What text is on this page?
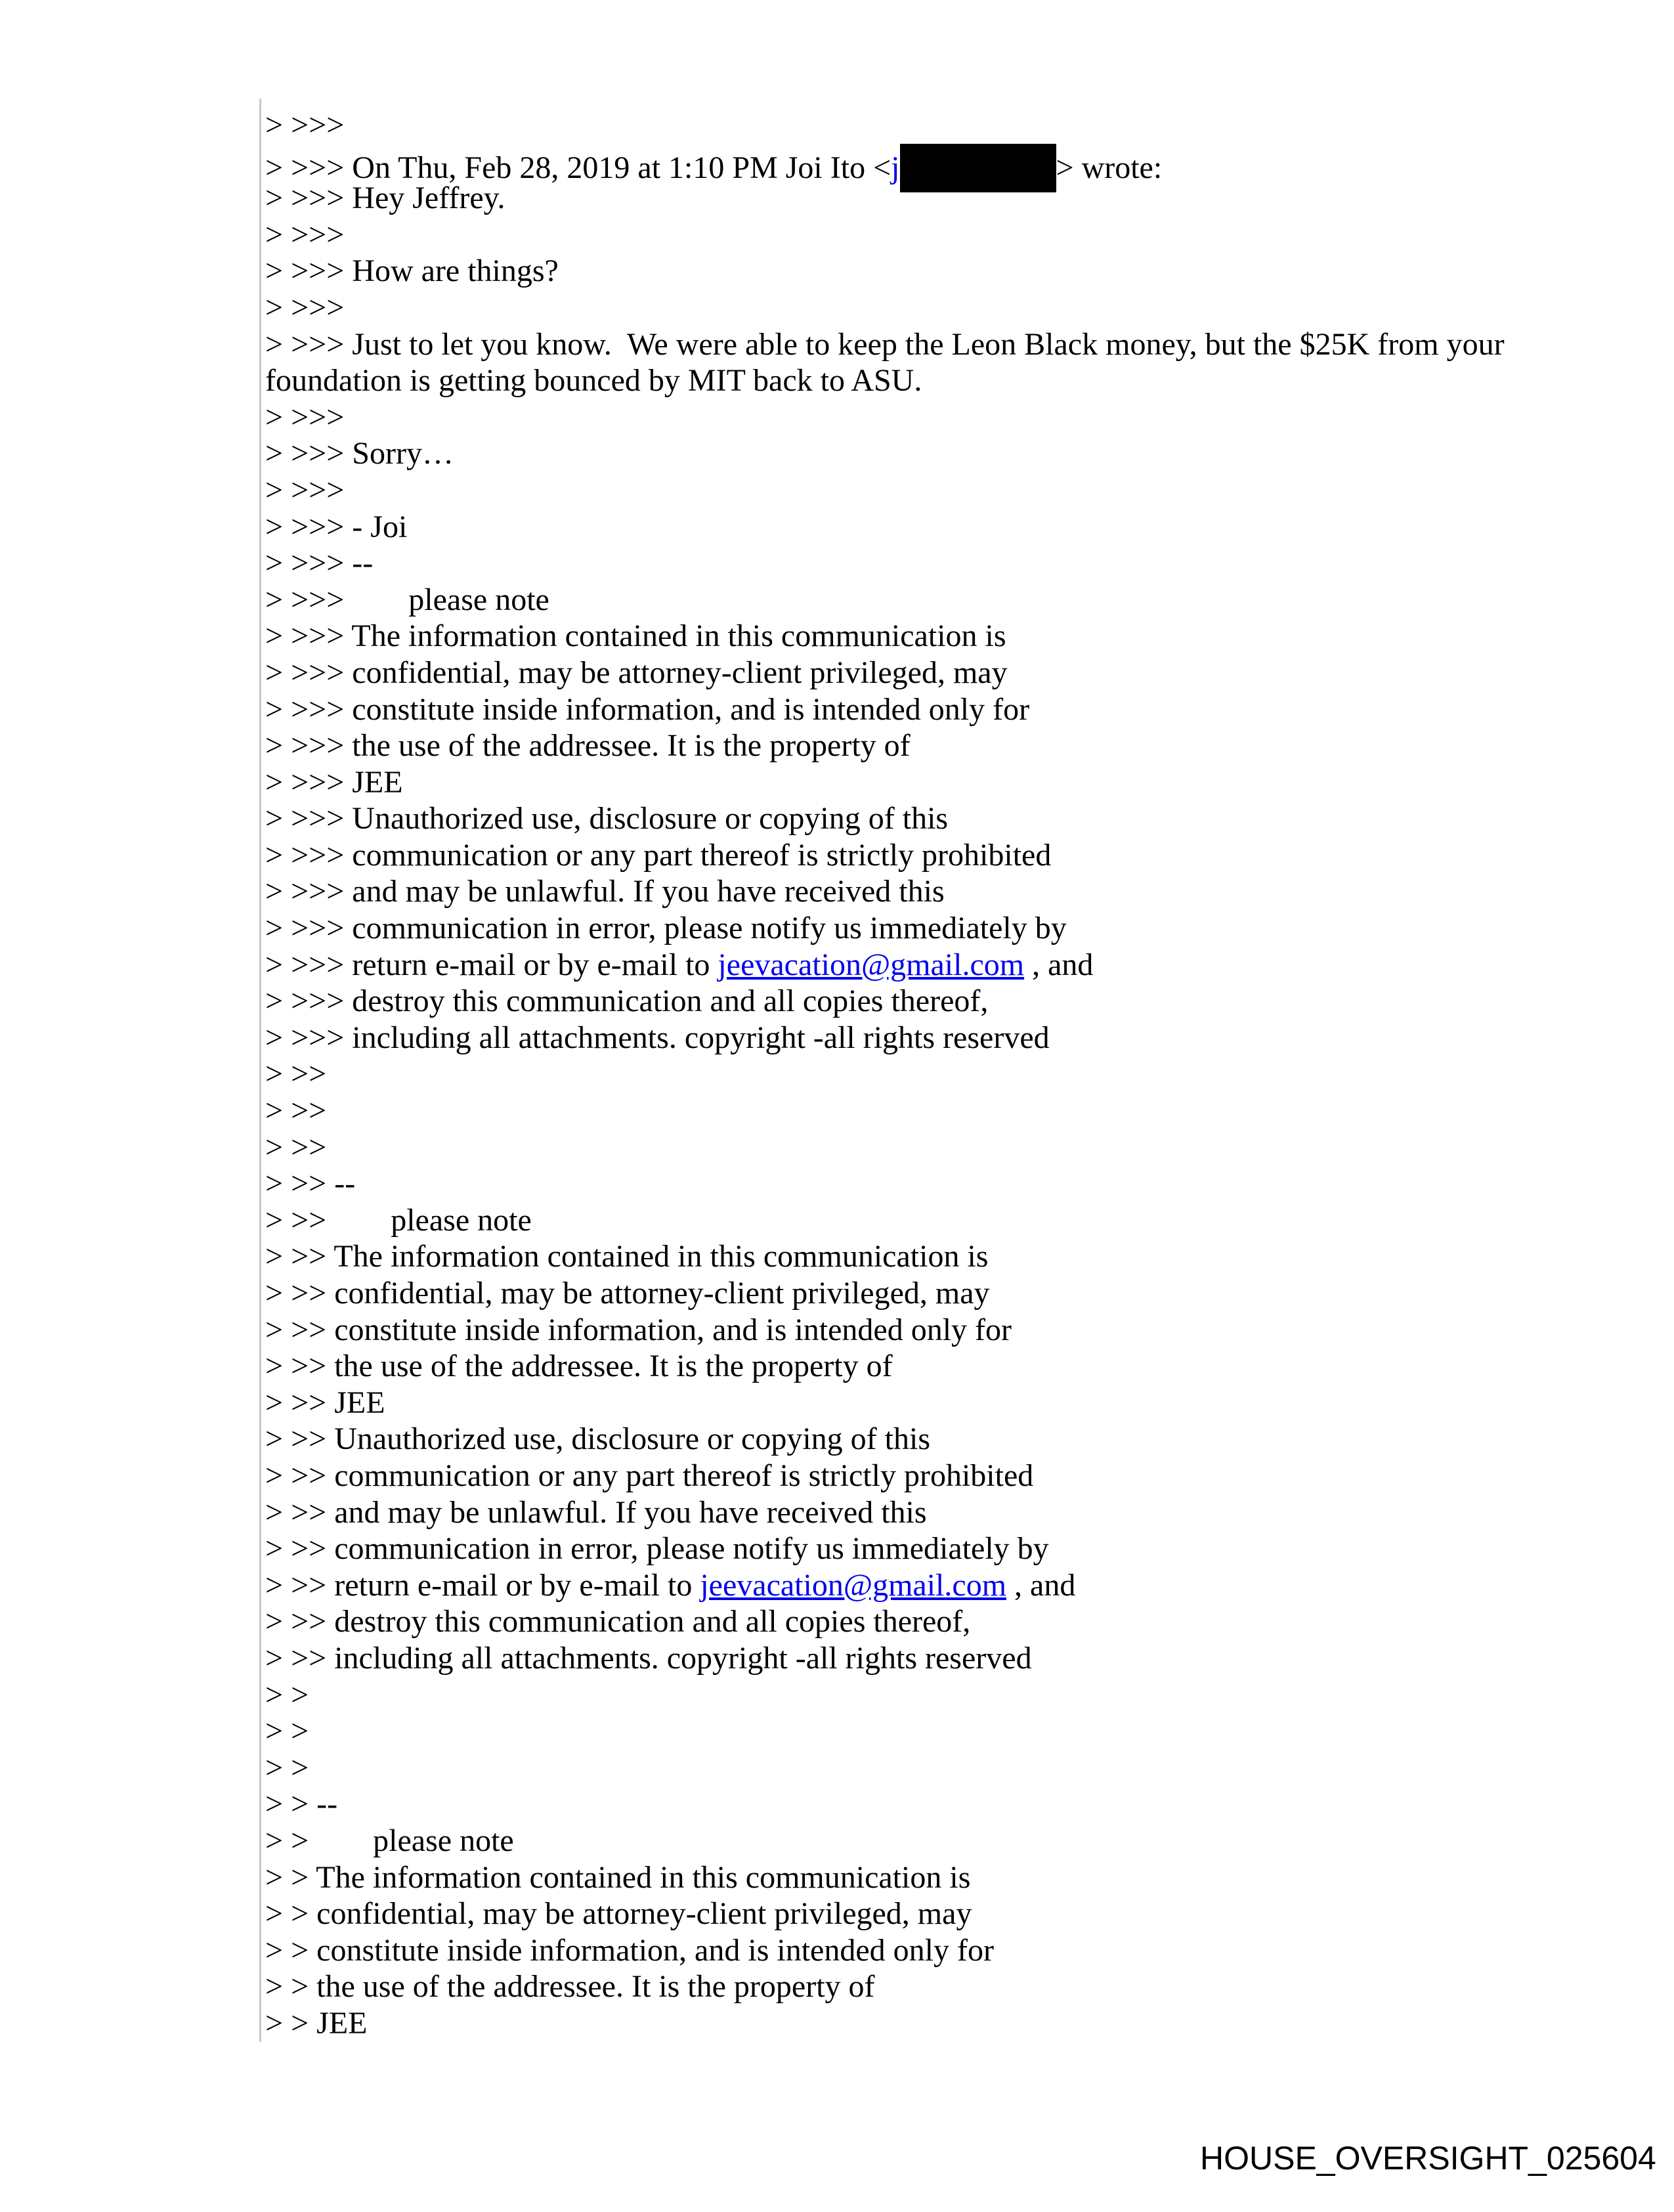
> >>>
> >>> On Thu, Feb 28, 2019 at 1:10 PM Joi Ito <j	> wrote:
> >>> Hey Jeffrey.
> >>>
> >>> How are things?
> >>>
> >>> Just to let you know.  We were able to keep the Leon Black money, but the $25K from your
foundation is getting bounced by MIT back to ASU.
> >>>
> >>> Sorry…
> >>>
> >>> - Joi
> >>> --
> >>> please note
> >>> The information contained in this communication is
> >>> confidential, may be attorney-client privileged, may
> >>> constitute inside information, and is intended only for
> >>> the use of the addressee. It is the property of
> >>> JEE
> >>> Unauthorized use, disclosure or copying of this
> >>> communication or any part thereof is strictly prohibited
> >>> and may be unlawful. If you have received this
> >>> communication in error, please notify us immediately by
> >>> return e-mail or by e-mail to jeevacation@gmail.com , and
> >>> destroy this communication and all copies thereof,
> >>> including all attachments. copyright -all rights reserved
> >>
> >>
> >>
> >> --
> >> please note
> >> The information contained in this communication is
> >> confidential, may be attorney-client privileged, may
> >> constitute inside information, and is intended only for
> >> the use of the addressee. It is the property of
> >> JEE
> >> Unauthorized use, disclosure or copying of this
> >> communication or any part thereof is strictly prohibited
> >> and may be unlawful. If you have received this
> >> communication in error, please notify us immediately by
> >> return e-mail or by e-mail to jeevacation@gmail.com , and
> >> destroy this communication and all copies thereof,
> >> including all attachments. copyright -all rights reserved
> >
> >
> >
> > --
> > please note
> > The information contained in this communication is
> > confidential, may be attorney-client privileged, may
> > constitute inside information, and is intended only for
> > the use of the addressee. It is the property of
> > JEE
HOUSE_OVERSIGHT_025604
